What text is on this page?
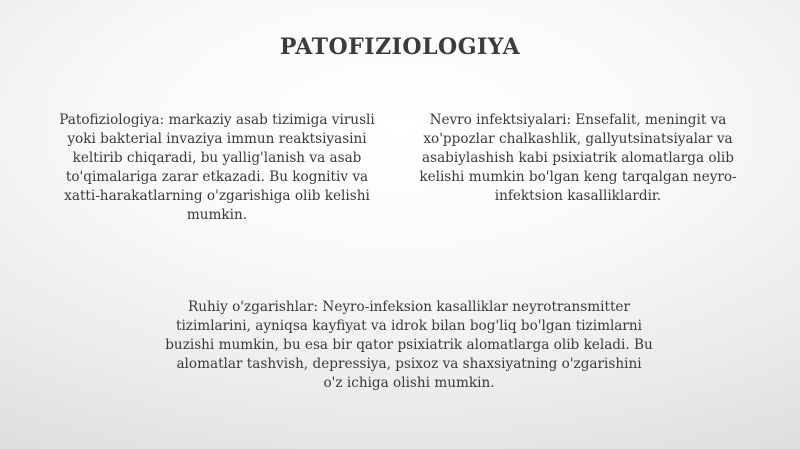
PATOFIZIOLOGIYA
Patofiziologiya: markaziy asab tizimiga virusli yoki bakterial invaziya immun reaktsiyasini keltirib chiqaradi, bu yallig'lanish va asab to'qimalariga zarar etkazadi. Bu kognitiv va xatti-harakatlarning o'zgarishiga olib kelishi mumkin.
Nevro infektsiyalari: Ensefalit, meningit va xo'ppozlar chalkashlik, gallyutsinatsiyalar va asabiylashish kabi psixiatrik alomatlarga olib kelishi mumkin bo'lgan keng tarqalgan neyro-infektsion kasalliklardir.
Ruhiy o'zgarishlar: Neyro-infeksion kasalliklar neyrotransmitter tizimlarini, ayniqsa kayfiyat va idrok bilan bog'liq bo'lgan tizimlarni buzishi mumkin, bu esa bir qator psixiatrik alomatlarga olib keladi. Bu alomatlar tashvish, depressiya, psixoz va shaxsiyatning o'zgarishini o'z ichiga olishi mumkin.
